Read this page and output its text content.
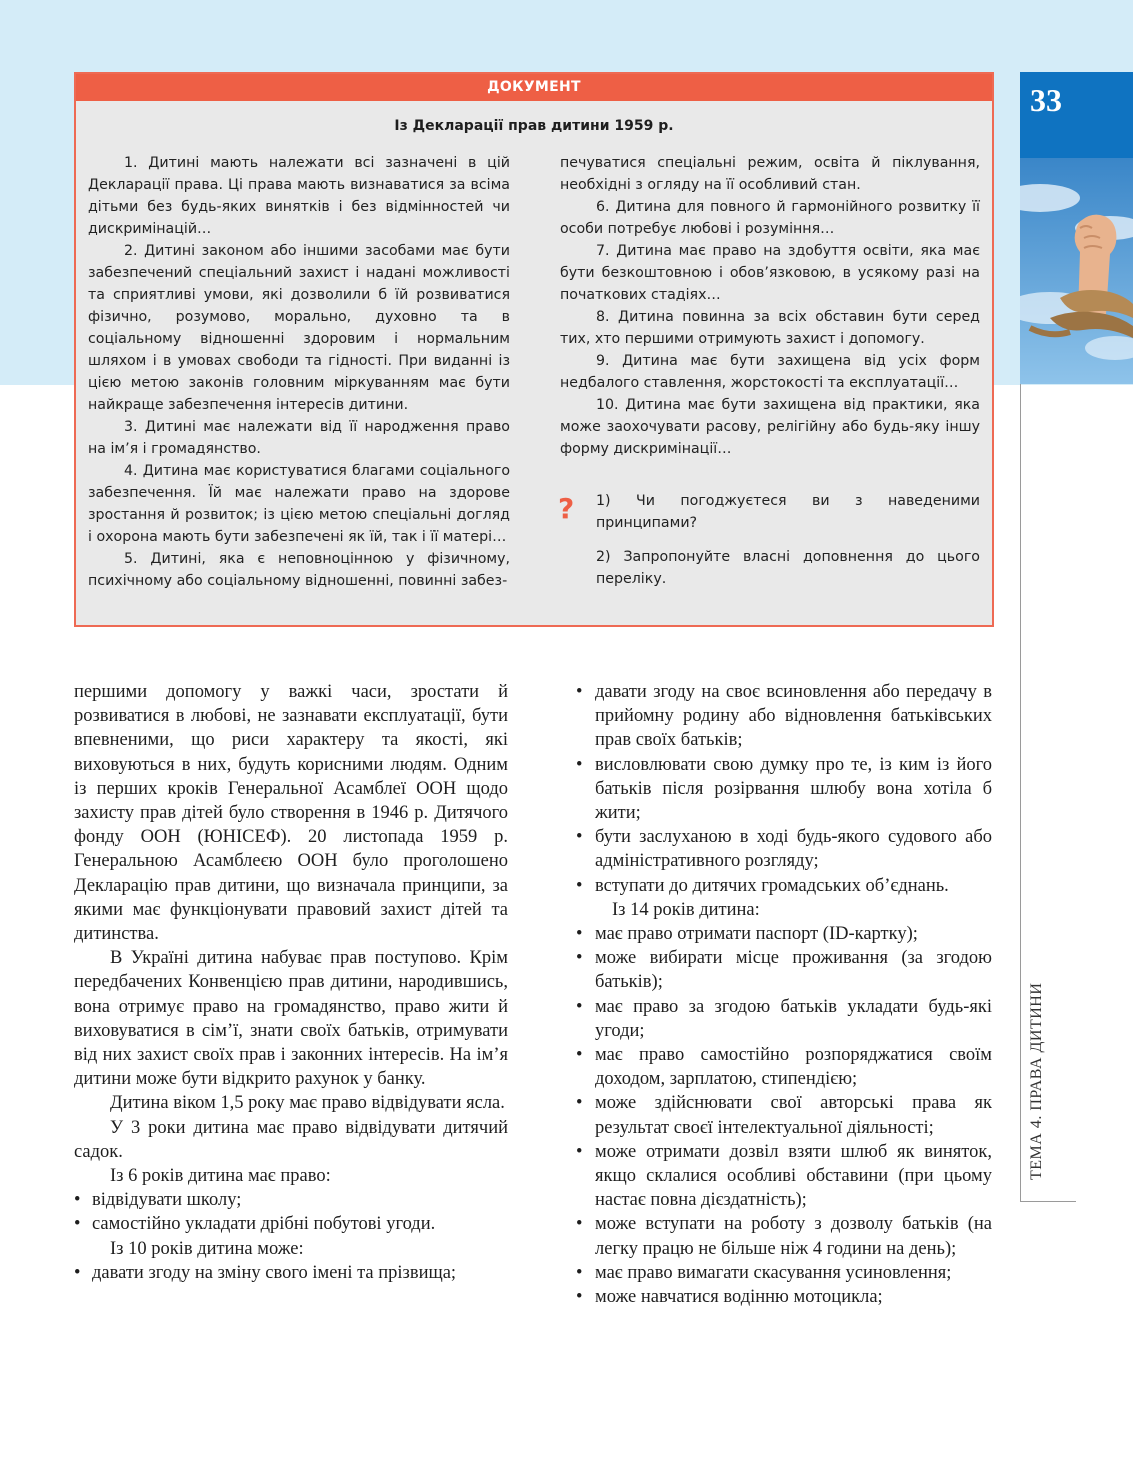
33
ТЕМА 4. ПРАВА ДИТИНИ
ДОКУМЕНТ
Із Декларації прав дитини 1959 р.

1. Дитині мають належати всі зазначені в цій Декларації права. Ці права мають визнаватися за всіма дітьми без будь-яких винятків і без відмінностей чи дискримінацій…

2. Дитині законом або іншими засобами має бути забезпечений спеціальний захист і надані можливості та сприятливі умови, які дозволили б їй розвиватися фізично, розумово, морально, духовно та в соціальному відношенні здоровим і нормальним шляхом і в умовах свободи та гідності. При виданні із цією метою законів головним міркуванням має бути найкраще забезпечення інтересів дитини.

3. Дитині має належати від її народження право на ім’я і громадянство.

4. Дитина має користуватися благами соціального забезпечення. Їй має належати право на здорове зростання й розвиток; із цією метою спеціальні догляд і охорона мають бути забезпечені як їй, так і її матері…

5. Дитині, яка є неповноцінною у фізичному, психічному або соціальному відношенні, повинні забез-

печуватися спеціальні режим, освіта й піклування, необхідні з огляду на її особливий стан.

6. Дитина для повного й гармонійного розвитку її особи потребує любові і розуміння…

7. Дитина має право на здобуття освіти, яка має бути безкоштовною і обов’язковою, в усякому разі на початкових стадіях…

8. Дитина повинна за всіх обставин бути серед тих, хто першими отримують захист і допомогу.

9. Дитина має бути захищена від усіх форм недбалого ставлення, жорстокості та експлуатації…

10. Дитина має бути захищена від практики, яка може заохочувати расову, релігійну або будь-яку іншу форму дискримінації…

? 1) Чи погоджуєтеся ви з наведеними принципами?

2) Запропонуйте власні доповнення до цього переліку.

першими допомогу у важкі часи, зростати й розвиватися в любові, не зазнавати експлуатації, бути впевненими, що риси характеру та якості, які виховуються в них, будуть корисними людям. Одним із перших кроків Генеральної Асамблеї ООН щодо захисту прав дітей було створення в 1946 р. Дитячого фонду ООН (ЮНІСЕФ). 20 листопада 1959 р. Генеральною Асамблеєю ООН було проголошено Декларацію прав дитини, що визначала принципи, за якими має функціонувати правовий захист дітей та дитинства.

В Україні дитина набуває прав поступово. Крім передбачених Конвенцією прав дитини, народившись, вона отримує право на громадянство, право жити й виховуватися в сім’ї, знати своїх батьків, отримувати від них захист своїх прав і законних інтересів. На ім’я дитини може бути відкрито рахунок у банку.

Дитина віком 1,5 року має право відвідувати ясла.

У 3 роки дитина має право відвідувати дитячий садок.

Із 6 років дитина має право:

• відвідувати школу;
• самостійно укладати дрібні побутові угоди.

Із 10 років дитина може:

• давати згоду на зміну свого імені та прізвища;
• давати згоду на своє всиновлення або передачу в прийомну родину або відновлення батьківських прав своїх батьків;
• висловлювати свою думку про те, із ким із його батьків після розірвання шлюбу вона хотіла б жити;
• бути заслуханою в ході будь-якого судового або адміністративного розгляду;
• вступати до дитячих громадських об’єднань.

Із 14 років дитина:

• має право отримати паспорт (ID-картку);
• може вибирати місце проживання (за згодою батьків);
• має право за згодою батьків укладати будь-які угоди;
• має право самостійно розпоряджатися своїм доходом, зарплатою, стипендією;
• може здійснювати свої авторські права як результат своєї інтелектуальної діяльності;
• може отримати дозвіл взяти шлюб як виняток, якщо склалися особливі обставини (при цьому настає повна дієздатність);
• може вступати на роботу з дозволу батьків (на легку працю не більше ніж 4 години на день);
• має право вимагати скасування усиновлення;
• може навчатися водінню мотоцикла;
